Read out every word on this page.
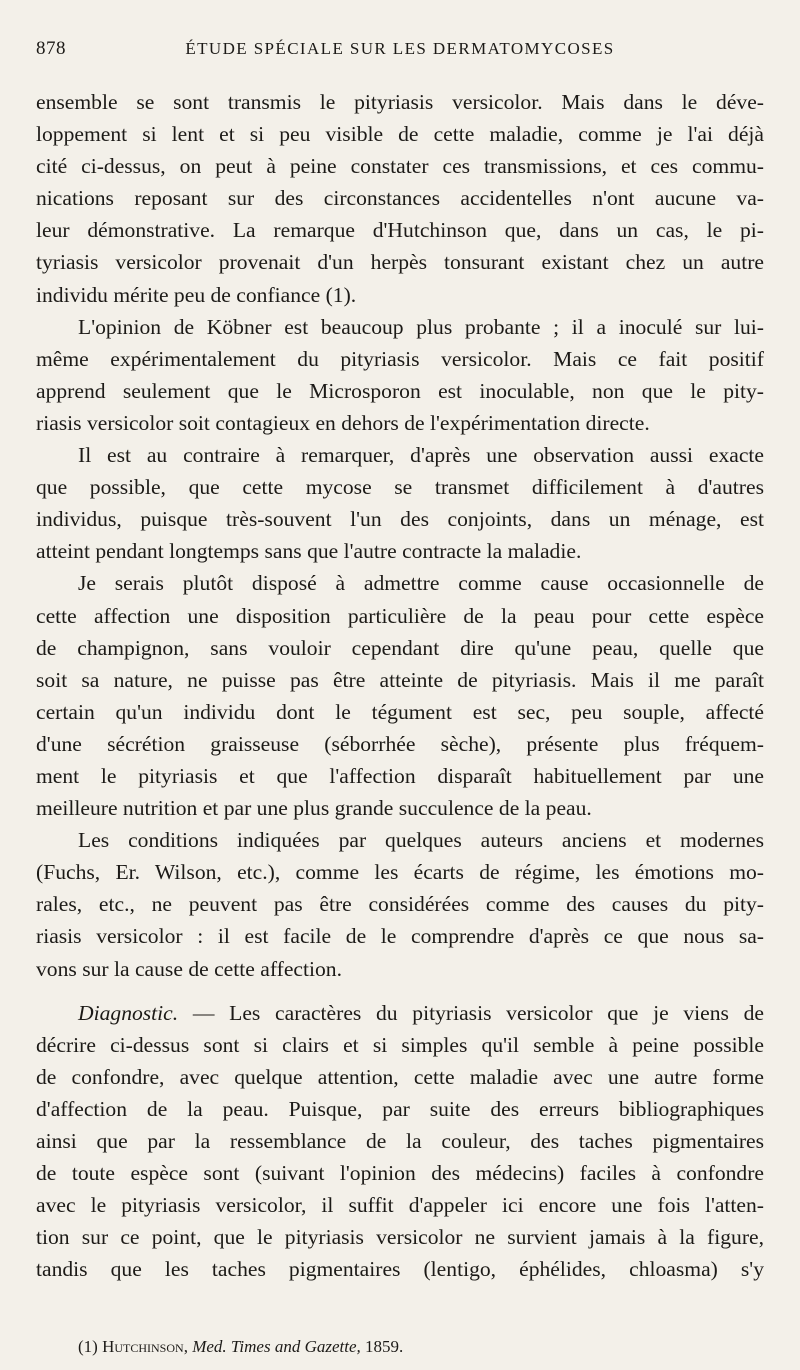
878	ÉTUDE SPÉCIALE SUR LES DERMATOMYCOSES
ensemble se sont transmis le pityriasis versicolor. Mais dans le déve-
loppement si lent et si peu visible de cette maladie, comme je l'ai déjà
cité ci-dessus, on peut à peine constater ces transmissions, et ces commu-
nications reposant sur des circonstances accidentelles n'ont aucune va-
leur démonstrative. La remarque d'Hutchinson que, dans un cas, le pi-
tyriasis versicolor provenait d'un herpès tonsurant existant chez un autre
individu mérite peu de confiance (1).
L'opinion de Köbner est beaucoup plus probante ; il a inoculé sur lui-
même expérimentalement du pityriasis versicolor. Mais ce fait positif
apprend seulement que le Microsporon est inoculable, non que le pity-
riasis versicolor soit contagieux en dehors de l'expérimentation directe.
Il est au contraire à remarquer, d'après une observation aussi exacte
que possible, que cette mycose se transmet difficilement à d'autres
individus, puisque très-souvent l'un des conjoints, dans un ménage, est
atteint pendant longtemps sans que l'autre contracte la maladie.
Je serais plutôt disposé à admettre comme cause occasionnelle de
cette affection une disposition particulière de la peau pour cette espèce
de champignon, sans vouloir cependant dire qu'une peau, quelle que
soit sa nature, ne puisse pas être atteinte de pityriasis. Mais il me paraît
certain qu'un individu dont le tégument est sec, peu souple, affecté
d'une sécrétion graisseuse (séborrhée sèche), présente plus fréquem-
ment le pityriasis et que l'affection disparaît habituellement par une
meilleure nutrition et par une plus grande succulence de la peau.
Les conditions indiquées par quelques auteurs anciens et modernes
(Fuchs, Er. Wilson, etc.), comme les écarts de régime, les émotions mo-
rales, etc., ne peuvent pas être considérées comme des causes du pity-
riasis versicolor : il est facile de le comprendre d'après ce que nous sa-
vons sur la cause de cette affection.
Diagnostic. — Les caractères du pityriasis versicolor que je viens de
décrire ci-dessus sont si clairs et si simples qu'il semble à peine possible
de confondre, avec quelque attention, cette maladie avec une autre forme
d'affection de la peau. Puisque, par suite des erreurs bibliographiques
ainsi que par la ressemblance de la couleur, des taches pigmentaires
de toute espèce sont (suivant l'opinion des médecins) faciles à confondre
avec le pityriasis versicolor, il suffit d'appeler ici encore une fois l'atten-
tion sur ce point, que le pityriasis versicolor ne survient jamais à la figure,
tandis que les taches pigmentaires (lentigo, éphélides, chloasma) s'y
(1) Hutchinson, Med. Times and Gazette, 1859.
